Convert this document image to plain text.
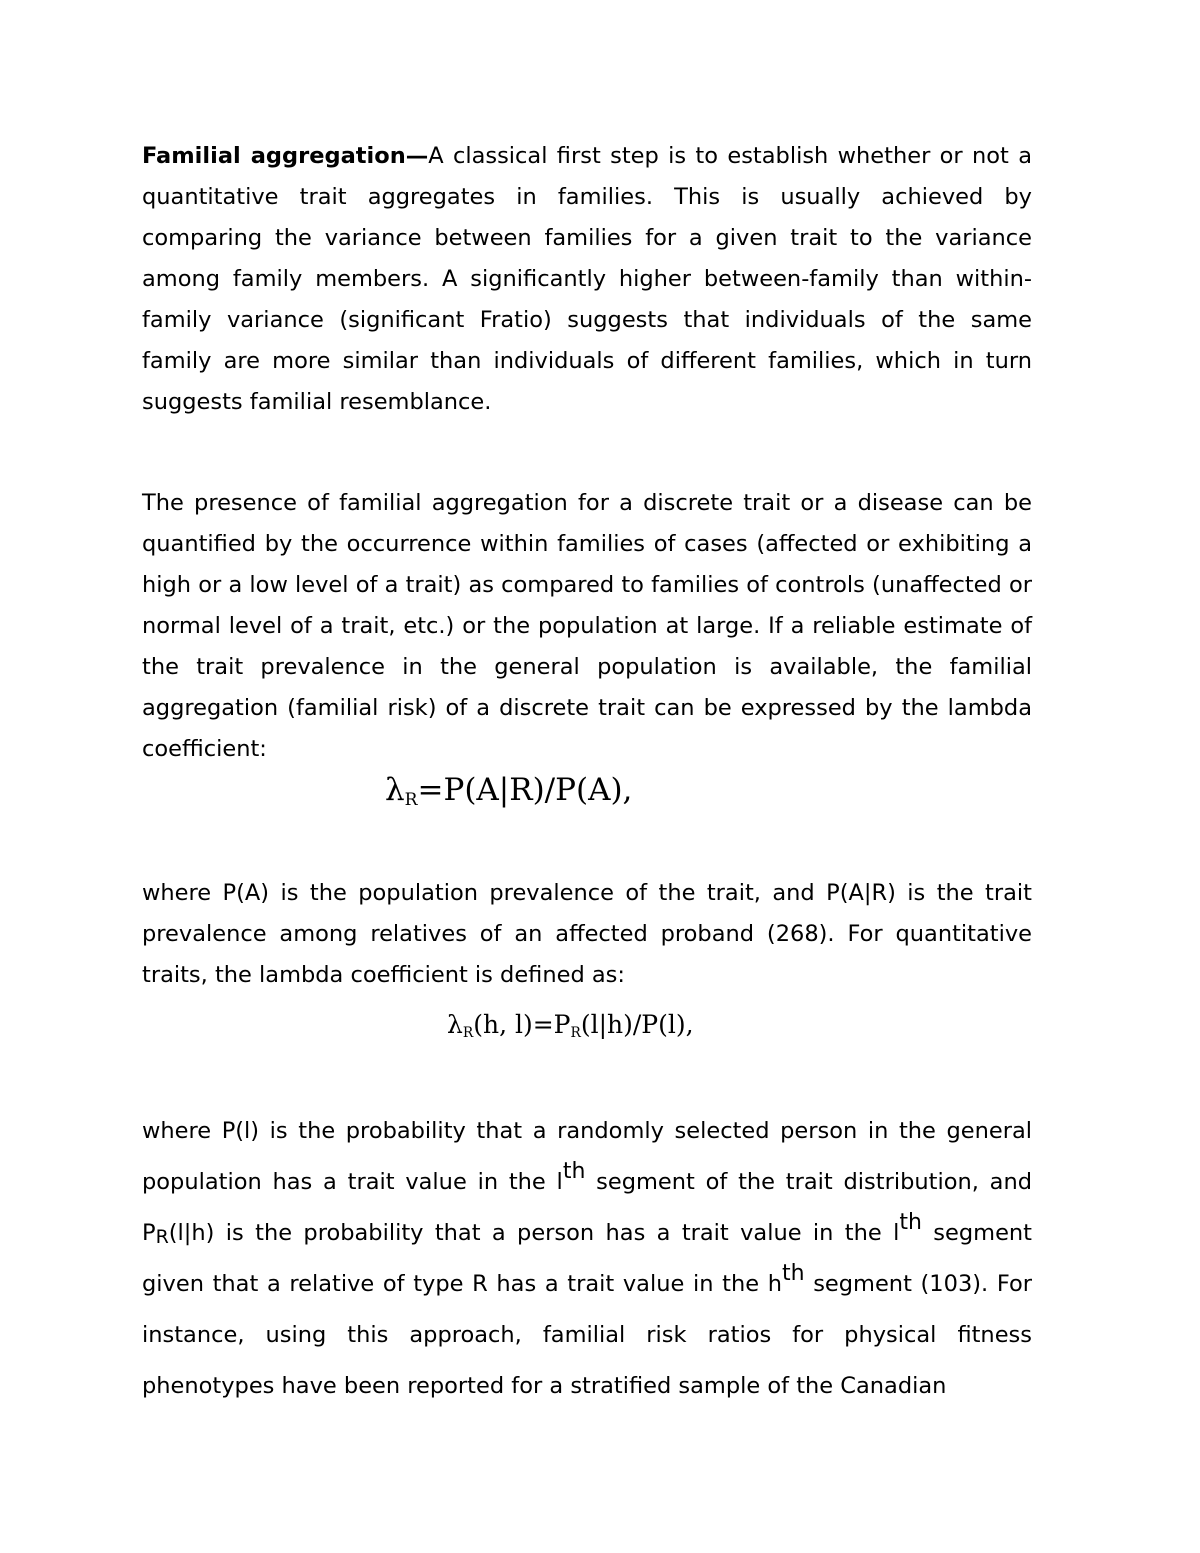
Familial aggregation—A classical first step is to establish whether or not a quantitative trait aggregates in families. This is usually achieved by comparing the variance between families for a given trait to the variance among family members. A significantly higher between-family than within-family variance (significant Fratio) suggests that individuals of the same family are more similar than individuals of different families, which in turn suggests familial resemblance.

The presence of familial aggregation for a discrete trait or a disease can be quantified by the occurrence within families of cases (affected or exhibiting a high or a low level of a trait) as compared to families of controls (unaffected or normal level of a trait, etc.) or the population at large. If a reliable estimate of the trait prevalence in the general population is available, the familial aggregation (familial risk) of a discrete trait can be expressed by the lambda coefficient:

$\lambda_R=P(A|R)/P(A)$,

where P(A) is the population prevalence of the trait, and P(A|R) is the trait prevalence among relatives of an affected proband (268). For quantitative traits, the lambda coefficient is defined as:

$\lambda_R(h$, $l)=P_R(l|h)/P(l)$,

where P(l) is the probability that a randomly selected person in the general population has a trait value in the $l^{th}$ segment of the trait distribution, and $P_R(l|h)$ is the probability that a person has a trait value in the $l^{th}$ segment given that a relative of type R has a trait value in the $h^{th}$ segment (103). For instance, using this approach, familial risk ratios for physical fitness phenotypes have been reported for a stratified sample of the Canadian
